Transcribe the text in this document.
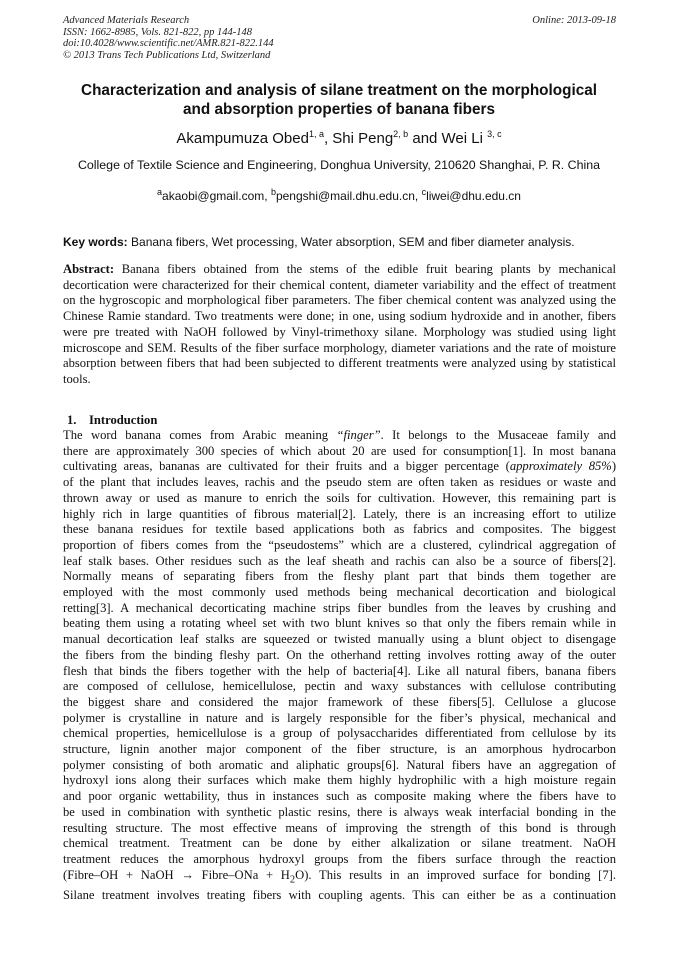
Advanced Materials Research
ISSN: 1662-8985, Vols. 821-822, pp 144-148
doi:10.4028/www.scientific.net/AMR.821-822.144
© 2013 Trans Tech Publications Ltd, Switzerland
Online: 2013-09-18
Characterization and analysis of silane treatment on the morphological
and absorption properties of banana fibers
Akampumuza Obed$^{1, a}$, Shi Peng$^{2, b}$ and Wei Li $^{3, c}$
College of Textile Science and Engineering, Donghua University, 210620 Shanghai, P. R. China
$^a$akaobi@gmail.com, $^b$pengshi@mail.dhu.edu.cn, $^c$liwei@dhu.edu.cn
Key words: Banana fibers, Wet processing, Water absorption, SEM and fiber diameter analysis.
Abstract: Banana fibers obtained from the stems of the edible fruit bearing plants by mechanical decortication were characterized for their chemical content, diameter variability and the effect of treatment on the hygroscopic and morphological fiber parameters. The fiber chemical content was analyzed using the Chinese Ramie standard. Two treatments were done; in one, using sodium hydroxide and in another, fibers were pre treated with NaOH followed by Vinyl-trimethoxy silane. Morphology was studied using light microscope and SEM. Results of the fiber surface morphology, diameter variations and the rate of moisture absorption between fibers that had been subjected to different treatments were analyzed using by statistical tools.
1. Introduction
The word banana comes from Arabic meaning “finger”. It belongs to the Musaceae family and
there are approximately 300 species of which about 20 are used for consumption[1]. In most banana
cultivating areas, bananas are cultivated for their fruits and a bigger percentage (approximately 85%)
of the plant that includes leaves, rachis and the pseudo stem are often taken as residues or waste and
thrown away or used as manure to enrich the soils for cultivation. However, this remaining part is
highly rich in large quantities of fibrous material[2]. Lately, there is an increasing effort to utilize
these banana residues for textile based applications both as fabrics and composites. The biggest
proportion of fibers comes from the “pseudostems” which are a clustered, cylindrical aggregation of
leaf stalk bases. Other residues such as the leaf sheath and rachis can also be a source of fibers[2].
Normally means of separating fibers from the fleshy plant part that binds them together are
employed with the most commonly used methods being mechanical decortication and biological
retting[3]. A mechanical decorticating machine strips fiber bundles from the leaves by crushing and
beating them using a rotating wheel set with two blunt knives so that only the fibers remain while in
manual decortication leaf stalks are squeezed or twisted manually using a blunt object to disengage
the fibers from the binding fleshy part. On the otherhand retting involves rotting away of the outer
flesh that binds the fibers together with the help of bacteria[4]. Like all natural fibers, banana fibers
are composed of cellulose, hemicellulose, pectin and waxy substances with cellulose contributing
the biggest share and considered the major framework of these fibers[5]. Cellulose a glucose
polymer is crystalline in nature and is largely responsible for the fiber’s physical, mechanical and
chemical properties, hemicellulose is a group of polysaccharides differentiated from cellulose by its
structure, lignin another major component of the fiber structure, is an amorphous hydrocarbon
polymer consisting of both aromatic and aliphatic groups[6]. Natural fibers have an aggregation of
hydroxyl ions along their surfaces which make them highly hydrophilic with a high moisture regain
and poor organic wettability, thus in instances such as composite making where the fibers have to
be used in combination with synthetic plastic resins, there is always weak interfacial bonding in the
resulting structure. The most effective means of improving the strength of this bond is through
chemical treatment. Treatment can be done by either alkalization or silane treatment. NaOH
treatment reduces the amorphous hydroxyl groups from the fibers surface through the reaction
(Fibre–OH + NaOH → Fibre–ONa + $H_2O$). This results in an improved surface for bonding [7].
Silane treatment involves treating fibers with coupling agents. This can either be as a continuation
